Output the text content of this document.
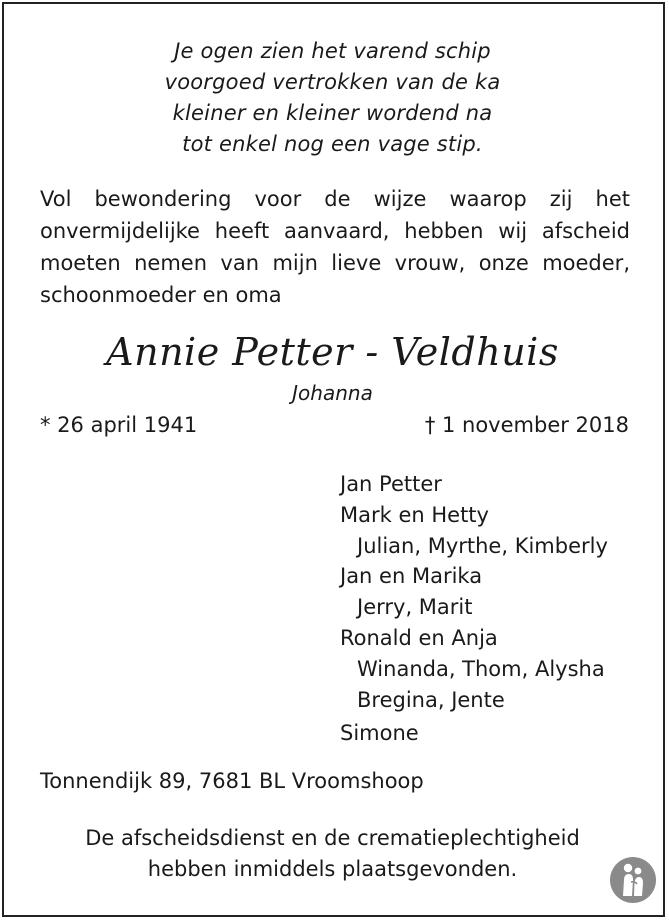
Je ogen zien het varend schip
voorgoed vertrokken van de ka
kleiner en kleiner wordend na
tot enkel nog een vage stip.
Vol bewondering voor de wijze waarop zij het
onvermijdelijke heeft aanvaard, hebben wij afscheid
moeten nemen van mijn lieve vrouw, onze moeder,
schoonmoeder en oma
Annie Petter - Veldhuis
Johanna
* 26 april 1941	† 1 november 2018
Jan Petter
Mark en Hetty
Julian, Myrthe, Kimberly
Jan en Marika
Jerry, Marit
Ronald en Anja
Winanda, Thom, Alysha
Bregina, Jente
Simone
Tonnendijk 89, 7681 BL Vroomshoop
De afscheidsdienst en de crematieplechtigheid
hebben inmiddels plaatsgevonden.
